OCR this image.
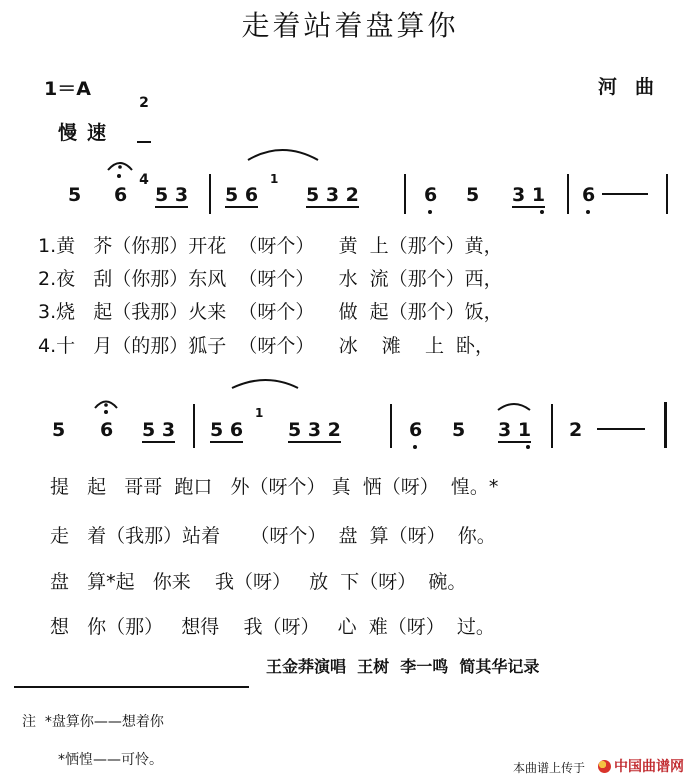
走着站着盘算你
1＝A

2

4

河曲
慢速
5 6 5 3 5 6
1
5 3 2	6 5 3 1 6
1.黄 芥（你那）开花 （呀个） 黄 上（那个）黄，
2.夜 刮（你那）东风 （呀个） 水 流（那个）西，
3.烧 起（我那）火来 （呀个） 做 起（那个）饭，
4.十 月（的那）狐子 （呀个） 冰 滩 上 卧，
5 6 5 3 5 6
1
5 3 2	6 5 3 1 2
提 起 哥哥 跑口 外（呀个） 真 恓（呀） 惶。*
走 着（我那）站着 （呀个） 盘 算（呀） 你。
盘 算*起 你来 我（呀） 放 下（呀） 碗。
想 你（那） 想得 我（呀） 心 难（呀） 过。
王金莽演唱  王树  李一鸣  简其华记录
注  *盘算你——想着你
*恓惶——可怜。	本曲谱上传于	中国曲谱网
